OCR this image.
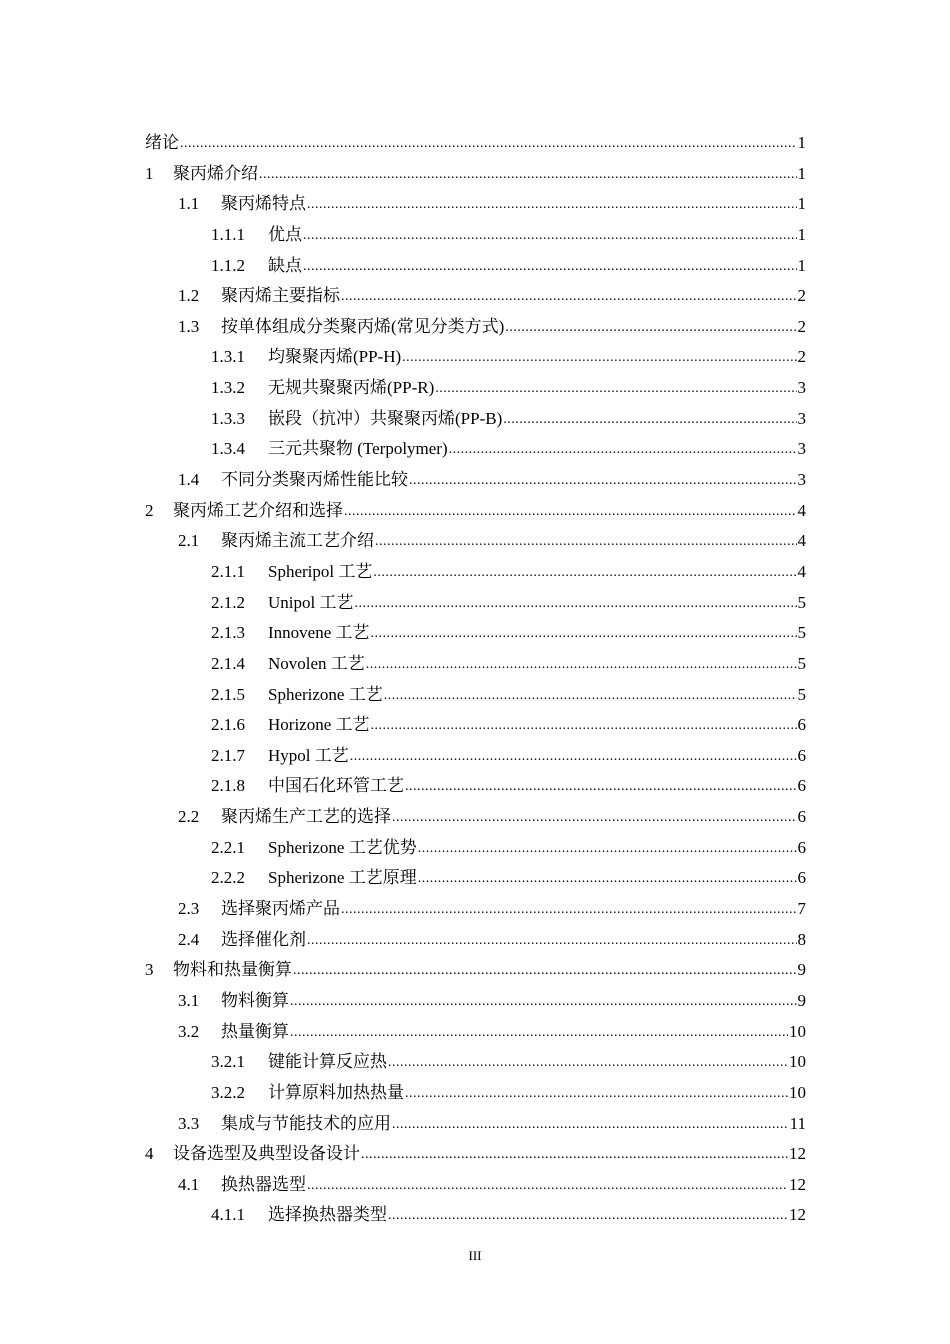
绪论 .....	1
1	聚丙烯介绍 .....	1
1.1	聚丙烯特点 .....	1
1.1.1	优点 .....	1
1.1.2	缺点 .....	1
1.2	聚丙烯主要指标 .....	2
1.3	按单体组成分类聚丙烯(常见分类方式) .....	2
1.3.1	均聚聚丙烯(PP-H) .....	2
1.3.2	无规共聚聚丙烯(PP-R) .....	3
1.3.3	嵌段（抗冲）共聚聚丙烯(PP-B) .....	3
1.3.4	三元共聚物 (Terpolymer) .....	3
1.4	不同分类聚丙烯性能比较 .....	3
2	聚丙烯工艺介绍和选择 .....	4
2.1	聚丙烯主流工艺介绍 .....	4
2.1.1	Spheripol 工艺 .....	4
2.1.2	Unipol 工艺 .....	5
2.1.3	Innovene 工艺 .....	5
2.1.4	Novolen 工艺 .....	5
2.1.5	Spherizone 工艺 .....	5
2.1.6	Horizone 工艺 .....	6
2.1.7	Hypol 工艺 .....	6
2.1.8	中国石化环管工艺 .....	6
2.2	聚丙烯生产工艺的选择 .....	6
2.2.1	Spherizone 工艺优势 .....	6
2.2.2	Spherizone 工艺原理 .....	6
2.3	选择聚丙烯产品 .....	7
2.4	选择催化剂 .....	8
3	物料和热量衡算 .....	9
3.1	物料衡算 .....	9
3.2	热量衡算 .....	10
3.2.1	键能计算反应热 .....	10
3.2.2	计算原料加热热量 .....	10
3.3	集成与节能技术的应用 .....	11
4	设备选型及典型设备设计 .....	12
4.1	换热器选型 .....	12
4.1.1	选择换热器类型 .....	12
III
